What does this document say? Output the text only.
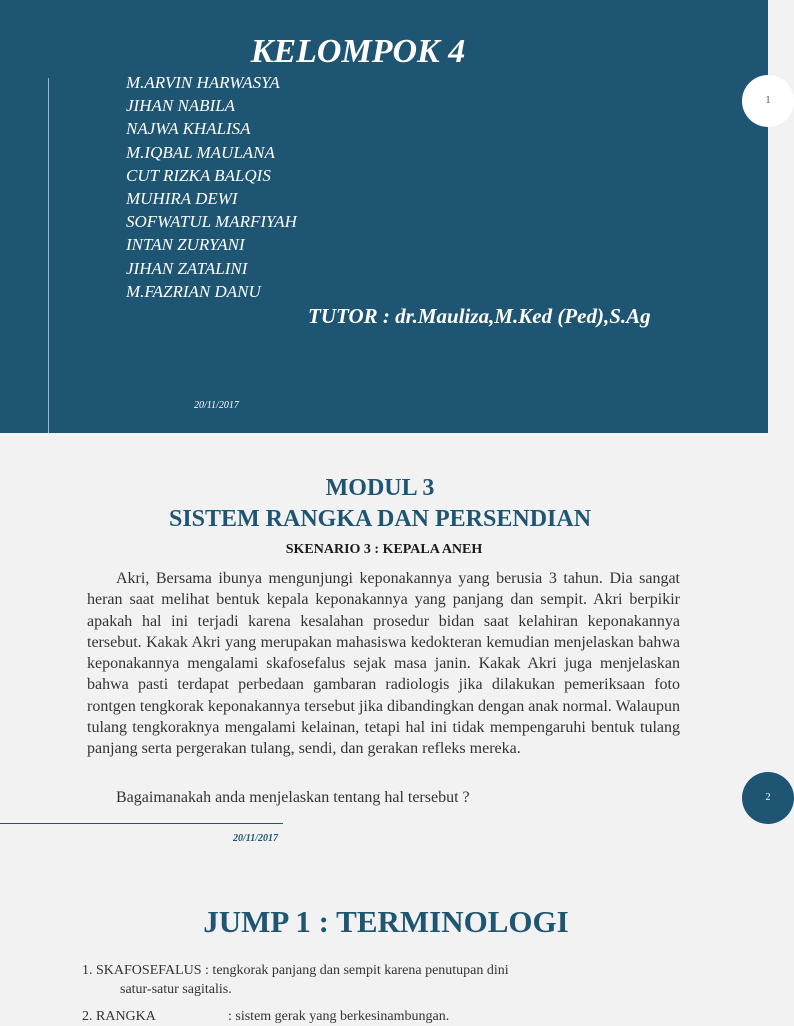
KELOMPOK 4
M.ARVIN HARWASYA
JIHAN NABILA
NAJWA KHALISA
M.IQBAL MAULANA
CUT RIZKA BALQIS
MUHIRA DEWI
SOFWATUL MARFIYAH
INTAN ZURYANI
JIHAN ZATALINI
M.FAZRIAN DANU
TUTOR : dr.Mauliza,M.Ked (Ped),S.Ag
20/11/2017
1
MODUL 3
SISTEM RANGKA DAN PERSENDIAN
SKENARIO 3 : KEPALA ANEH

Akri, Bersama ibunya mengunjungi keponakannya yang berusia 3 tahun. Dia sangat heran saat melihat bentuk kepala keponakannya yang panjang dan sempit. Akri berpikir apakah hal ini terjadi karena kesalahan prosedur bidan saat kelahiran keponakannya tersebut. Kakak Akri yang merupakan mahasiswa kedokteran kemudian menjelaskan bahwa keponakannya mengalami skafosefalus sejak masa janin. Kakak Akri juga menjelaskan bahwa pasti terdapat perbedaan gambaran radiologis jika dilakukan pemeriksaan foto rontgen tengkorak keponakannya tersebut jika dibandingkan dengan anak normal. Walaupun tulang tengkoraknya mengalami kelainan, tetapi hal ini tidak mempengaruhi bentuk tulang panjang serta pergerakan tulang, sendi, dan gerakan refleks mereka.

Bagaimanakah anda menjelaskan tentang hal tersebut ?
20/11/2017
2
JUMP 1 : TERMINOLOGI
1. SKAFOSEFALUS : tengkorak panjang dan sempit karena penutupan dini
satur-satur sagitalis.
2. RANGKA	: sistem gerak yang berkesinambungan.
